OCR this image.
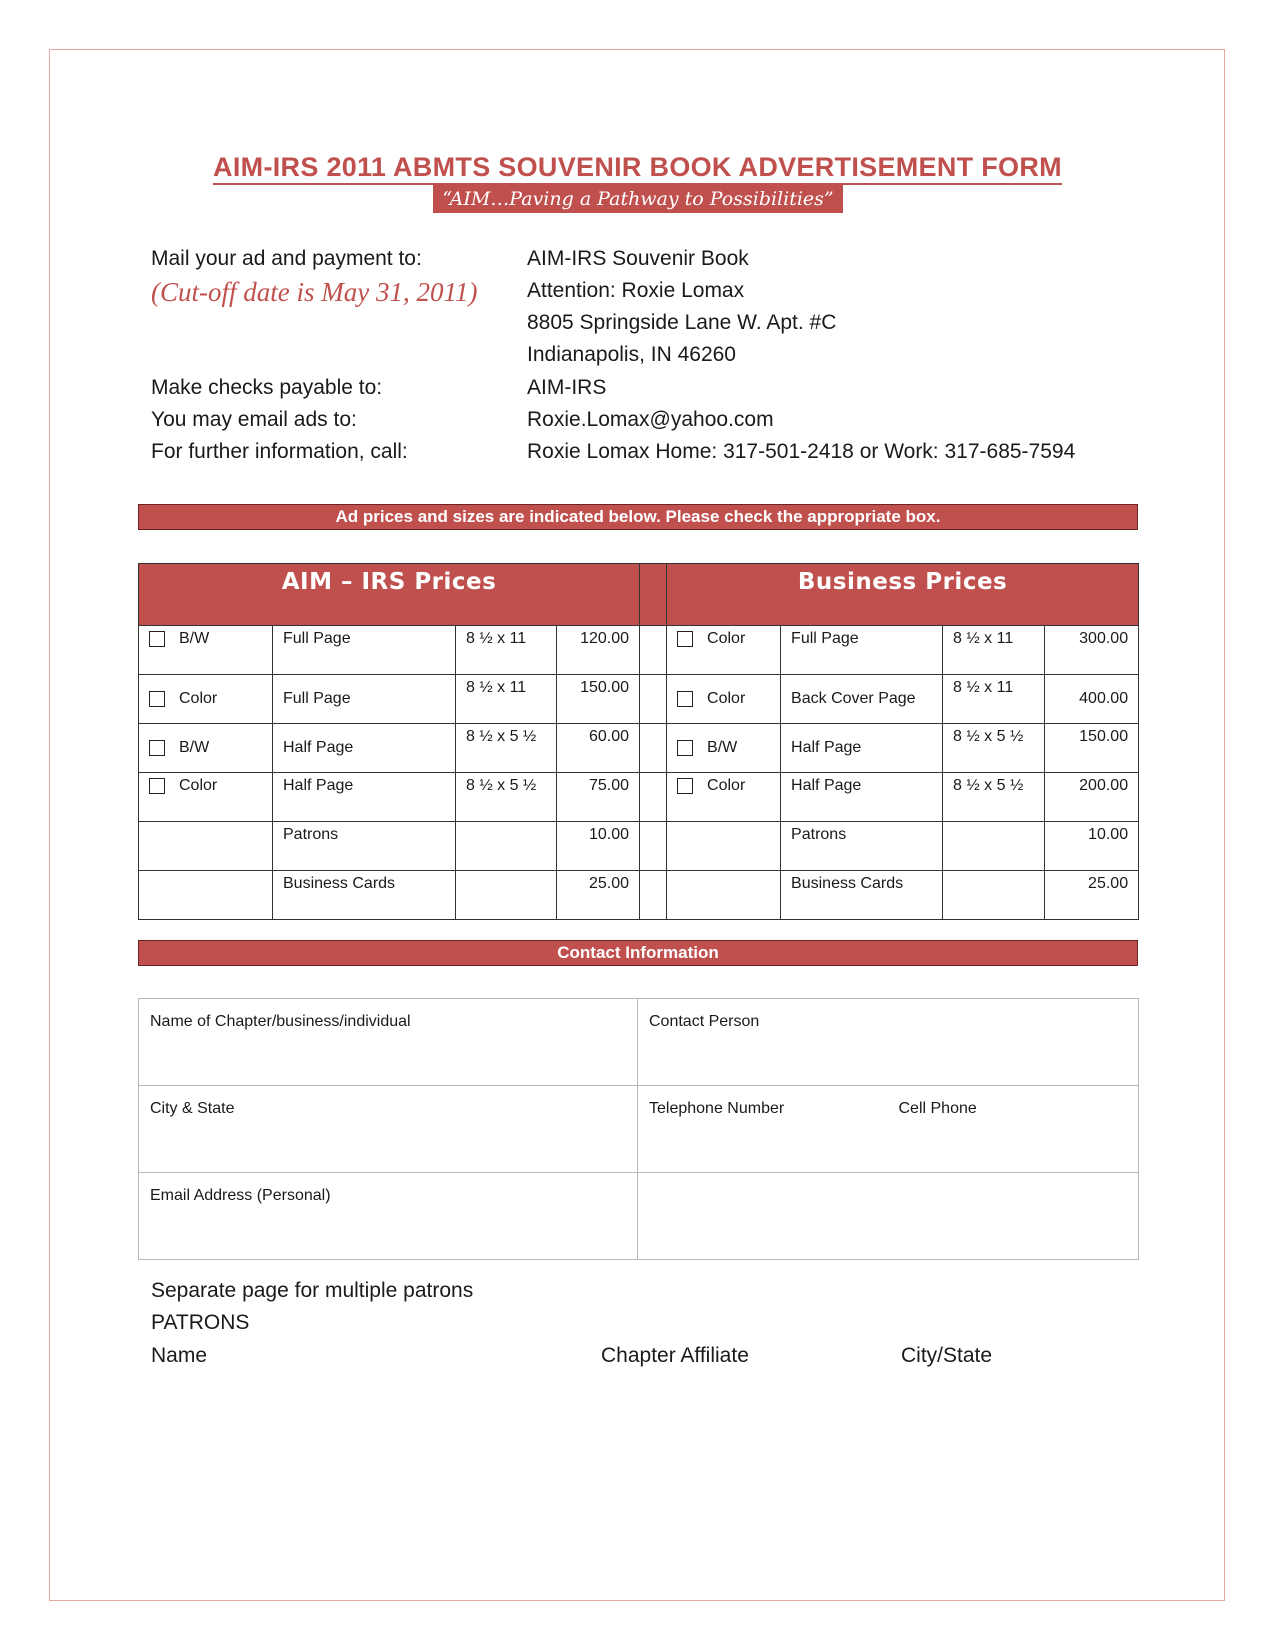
AIM-IRS 2011 ABMTS SOUVENIR BOOK ADVERTISEMENT FORM
“AIM…Paving a Pathway to Possibilities”
Mail your ad and payment to:
(Cut-off date is May 31, 2011)
AIM-IRS Souvenir Book
Attention: Roxie Lomax
8805 Springside Lane W. Apt. #C
Indianapolis, IN 46260
Make checks payable to:	AIM-IRS
You may email ads to:	Roxie.Lomax@yahoo.com
For further information, call:	Roxie Lomax Home: 317-501-2418 or Work: 317-685-7594
Ad prices and sizes are indicated below. Please check the appropriate box.
AIM – IRS Prices					Business Prices			
B/W	Full Page	8 ½ x 11	120.00		Color	Full Page	8 ½ x 11	300.00
Color	Full Page	8 ½ x 11	150.00		Color	Back Cover Page	8 ½ x 11	400.00
B/W	Half Page	8 ½ x 5 ½	60.00		B/W	Half Page	8 ½ x 5 ½	150.00
Color	Half Page	8 ½ x 5 ½	75.00		Color	Half Page	8 ½ x 5 ½	200.00
	Patrons		10.00			Patrons		10.00
	Business Cards		25.00			Business Cards		25.00
Contact Information
Name of Chapter/business/individual	Contact Person	
City & State	Telephone Number	Cell Phone
Email Address (Personal)		
Separate page for multiple patrons
PATRONS
Name	Chapter Affiliate	City/State
